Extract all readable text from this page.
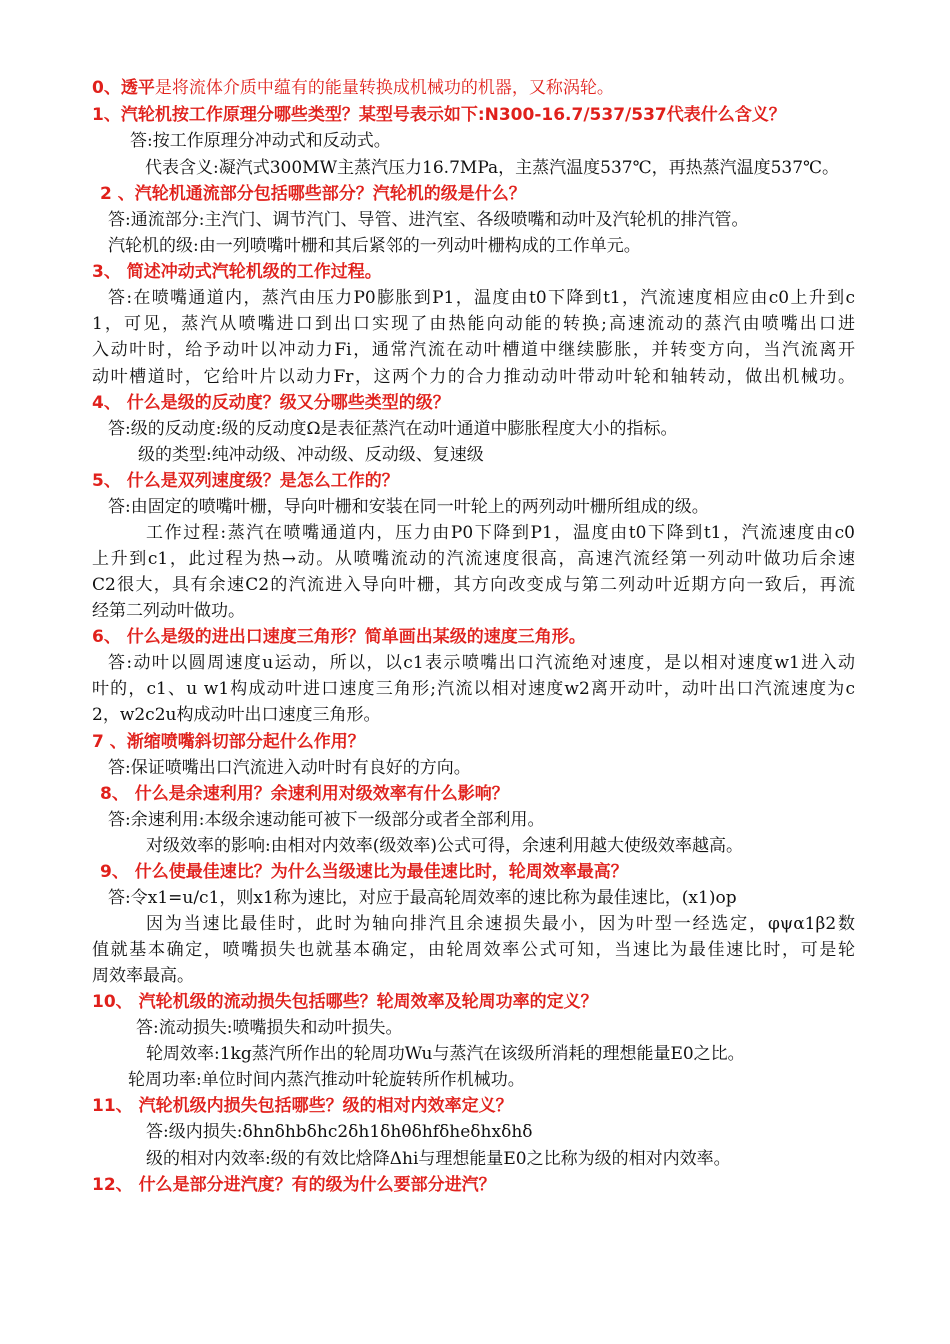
0、透平是将流体介质中蕴有的能量转换成机械功的机器，又称涡轮。
1、汽轮机按工作原理分哪些类型？某型号表示如下:N300-16.7/537/537代表什么含义？
答:按工作原理分冲动式和反动式。
代表含义:凝汽式300MW主蒸汽压力16.7MPa，主蒸汽温度537℃，再热蒸汽温度537℃。
2 、汽轮机通流部分包括哪些部分？汽轮机的级是什么？
答:通流部分:主汽门、调节汽门、导管、进汽室、各级喷嘴和动叶及汽轮机的排汽管。
汽轮机的级:由一列喷嘴叶栅和其后紧邻的一列动叶栅构成的工作单元。
3、 简述冲动式汽轮机级的工作过程。
答:在喷嘴通道内，蒸汽由压力P0膨胀到P1，温度由t0下降到t1，汽流速度相应由c0上升到c
1，可见，蒸汽从喷嘴进口到出口实现了由热能向动能的转换;高速流动的蒸汽由喷嘴出口进
入动叶时，给予动叶以冲动力Fi，通常汽流在动叶槽道中继续膨胀，并转变方向，当汽流离开
动叶槽道时，它给叶片以动力Fr，这两个力的合力推动动叶带动叶轮和轴转动，做出机械功。
4、 什么是级的反动度？级又分哪些类型的级？
答:级的反动度:级的反动度Ω是表征蒸汽在动叶通道中膨胀程度大小的指标。
级的类型:纯冲动级、冲动级、反动级、复速级
5、 什么是双列速度级？是怎么工作的？
答:由固定的喷嘴叶栅，导向叶栅和安装在同一叶轮上的两列动叶栅所组成的级。
工作过程:蒸汽在喷嘴通道内，压力由P0下降到P1，温度由t0下降到t1，汽流速度由c0
上升到c1，此过程为热→动。从喷嘴流动的汽流速度很高，高速汽流经第一列动叶做功后余速
C2很大，具有余速C2的汽流进入导向叶栅，其方向改变成与第二列动叶近期方向一致后，再流
经第二列动叶做功。
6、 什么是级的进出口速度三角形？简单画出某级的速度三角形。
答:动叶以圆周速度u运动，所以，以c1表示喷嘴出口汽流绝对速度，是以相对速度w1进入动
叶的，c1、u w1构成动叶进口速度三角形;汽流以相对速度w2离开动叶，动叶出口汽流速度为c
2，w2c2u构成动叶出口速度三角形。
7 、渐缩喷嘴斜切部分起什么作用？
答:保证喷嘴出口汽流进入动叶时有良好的方向。
8、 什么是余速利用？余速利用对级效率有什么影响？
答:余速利用:本级余速动能可被下一级部分或者全部利用。
对级效率的影响:由相对内效率(级效率)公式可得，余速利用越大使级效率越高。
9、 什么使最佳速比？为什么当级速比为最佳速比时，轮周效率最高？
答:令x1=u/c1，则x1称为速比，对应于最高轮周效率的速比称为最佳速比，(x1)op
因为当速比最佳时，此时为轴向排汽且余速损失最小，因为叶型一经选定，φψα1β2数
值就基本确定，喷嘴损失也就基本确定，由轮周效率公式可知，当速比为最佳速比时，可是轮
周效率最高。
10、 汽轮机级的流动损失包括哪些？轮周效率及轮周功率的定义？
答:流动损失:喷嘴损失和动叶损失。
轮周效率:1kg蒸汽所作出的轮周功Wu与蒸汽在该级所消耗的理想能量E0之比。
轮周功率:单位时间内蒸汽推动叶轮旋转所作机械功。
11、 汽轮机级内损失包括哪些？级的相对内效率定义？
答:级内损失:δhnδhbδhc2δh1δhθδhfδheδhxδhδ
级的相对内效率:级的有效比焓降Δhi与理想能量E0之比称为级的相对内效率。
12、 什么是部分进汽度？有的级为什么要部分进汽？
